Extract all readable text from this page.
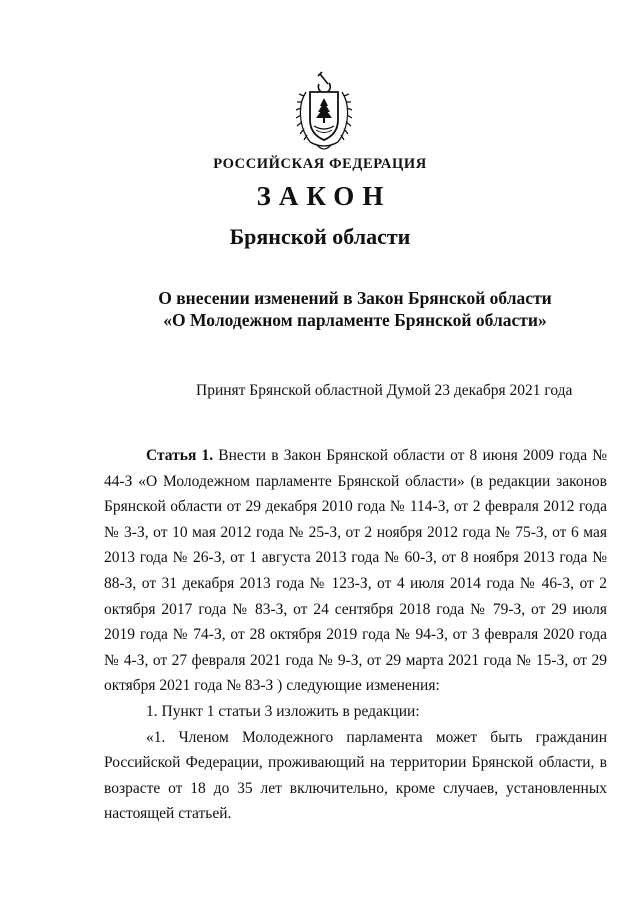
РОССИЙСКАЯ ФЕДЕРАЦИЯ
ЗАКОН
Брянской области
О внесении изменений в Закон Брянской области
«О Молодежном парламенте Брянской области»
Принят Брянской областной Думой 23 декабря 2021 года

Статья 1. Внести в Закон Брянской области от 8 июня 2009 года № 44-З «О Молодежном парламенте Брянской области» (в редакции законов Брянской области от 29 декабря 2010 года № 114-З, от 2 февраля 2012 года № 3-З, от 10 мая 2012 года № 25-З, от 2 ноября 2012 года № 75-З, от 6 мая 2013 года № 26-З, от 1 августа 2013 года № 60-З, от 8 ноября 2013 года № 88-З, от 31 декабря 2013 года № 123-З, от 4 июля 2014 года № 46-З, от 2 октября 2017 года № 83-З, от 24 сентября 2018 года № 79-З, от 29 июля 2019 года № 74-З, от 28 октября 2019 года № 94-З, от 3 февраля 2020 года № 4-З, от 27 февраля 2021 года № 9-З, от 29 марта 2021 года № 15-З, от 29 октября 2021 года № 83-З ) следующие изменения:

1. Пункт 1 статьи 3 изложить в редакции:

«1. Членом Молодежного парламента может быть гражданин Российской Федерации, проживающий на территории Брянской области, в возрасте от 18 до 35 лет включительно, кроме случаев, установленных настоящей статьей.
